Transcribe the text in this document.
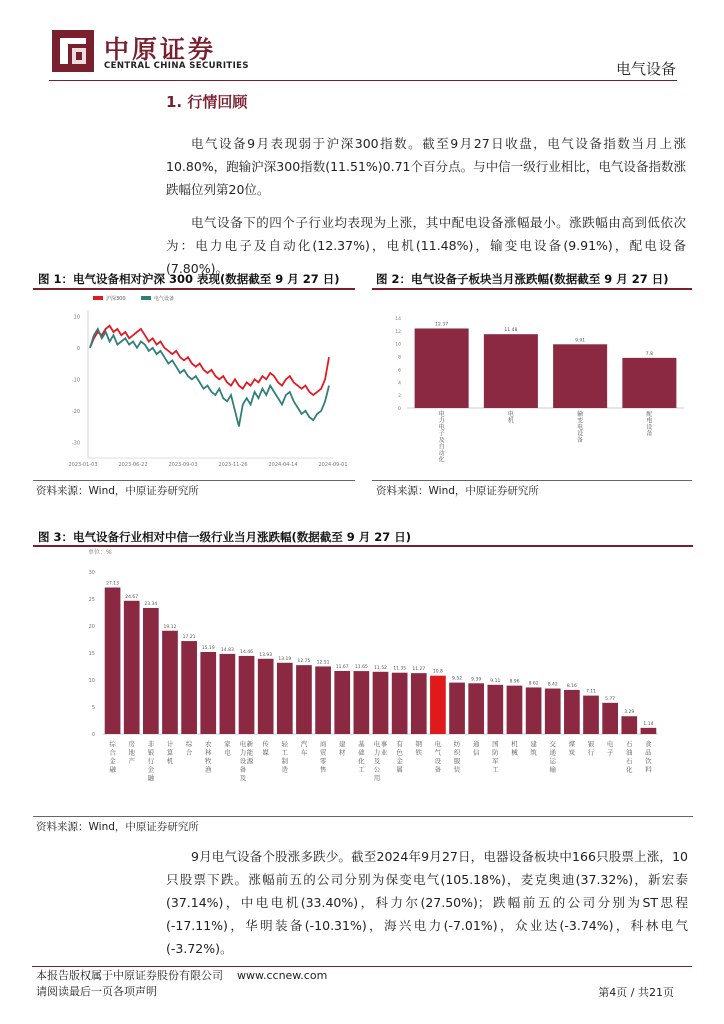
中原证券
CENTRAL CHINA SECURITIES	电气设备
1. 行情回顾
电气设备9月表现弱于沪深300指数。截至9月27日收盘，电气设备指数当月上涨10.80%，跑输沪深300指数(11.51%)0.71个百分点。与中信一级行业相比，电气设备指数涨跌幅位列第20位。
电气设备下的四个子行业均表现为上涨，其中配电设备涨幅最小。涨跌幅由高到低依次为：电力电子及自动化(12.37%)，电机(11.48%)，输变电设备(9.91%)，配电设备(7.80%)。
图 1：电气设备相对沪深 300 表现(数据截至 9 月 27 日)
10
0
-10
-20
-30
2023-01-03	2023-06-22	2023-09-03	2023-11-26	2024-04-14	2024-09-01
沪深300	电气设备
资料来源：Wind，中原证券研究所
图 2：电气设备子板块当月涨跌幅(数据截至 9 月 27 日)
14
12
10
8
6
4
2
0
12.37
电力电子及自动化
11.48
电机
9.91
输变电设备
7.8
配电设备
资料来源：Wind，中原证券研究所
图 3：电气设备行业相对中信一级行业当月涨跌幅(数据截至 9 月 27 日)
单位：%
30
25
20
15
10
5
0
27.13
综合金融
24.67
房地产
23.34
非银行金融
19.12
计算机
17.21
综合
15.19
农林牧渔
14.83
家电
14.46
电力设备及新能源
13.93
传媒
13.19
轻工制造
12.75
汽车
12.51
商贸零售
11.67
建材
11.65
基础化工
11.52
电力及公用事业
11.35
有色金属
11.27
钢铁
10.8
电气设备
9.52
纺织服装
9.39
通信
9.11
国防军工
8.96
机械
8.62
建筑
8.42
交通运输
8.16
煤炭
7.11
银行
5.77
电子
3.29
石油石化
1.14
食品饮料
资料来源：Wind，中原证券研究所
9月电气设备个股涨多跌少。截至2024年9月27日，电器设备板块中166只股票上涨，10只股票下跌。涨幅前五的公司分别为保变电气(105.18%)，麦克奥迪(37.32%)，新宏泰(37.14%)，中电电机(33.40%)，科力尔(27.50%)；跌幅前五的公司分别为ST思程(-17.11%)，华明装备(-10.31%)，海兴电力(-7.01%)，众业达(-3.74%)，科林电气(-3.72%)。
本报告版权属于中原证券股份有限公司 www.ccnew.com
请阅读最后一页各项声明	第4页 / 共21页
